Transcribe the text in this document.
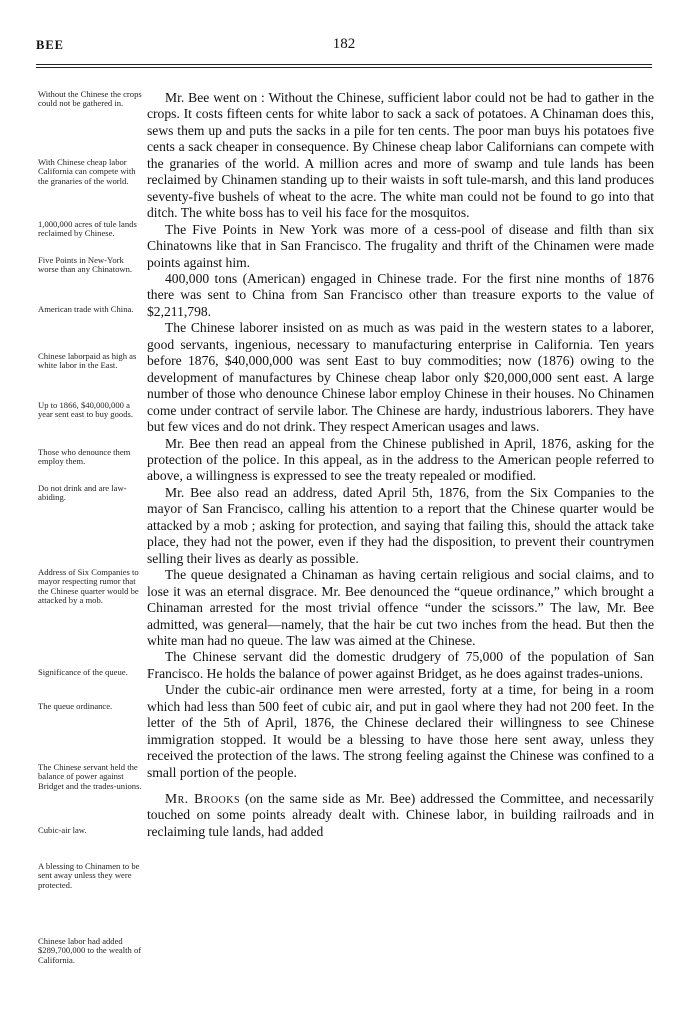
BEE	182
Without the Chinese the crops could not be gathered in.
With Chinese cheap labor California can compete with the granaries of the world.
1,000,000 acres of tule lands reclaimed by Chinese.
Five Points in New-York worse than any Chinatown.
American trade with China.
Chinese laborpaid as high as white labor in the East.
Up to 1866, $40,000,000 a year sent east to buy goods.
Those who denounce them employ them.
Do not drink and are law-abiding.
Address of Six Companies to mayor respecting rumor that the Chinese quarter would be attacked by a mob.
Significance of the queue.
The queue ordinance.
The Chinese servant held the balance of power against Bridget and the trades-unions.
Cubic-air law.
A blessing to Chinamen to be sent away unless they were protected.
Chinese labor had added $289,700,000 to the wealth of California.

Mr. Bee went on : Without the Chinese, sufficient labor could not be had to gather in the crops. It costs fifteen cents for white labor to sack a sack of potatoes. A Chinaman does this, sews them up and puts the sacks in a pile for ten cents. The poor man buys his potatoes five cents a sack cheaper in consequence. By Chinese cheap labor Californians can compete with the granaries of the world. A million acres and more of swamp and tule lands has been reclaimed by Chinamen standing up to their waists in soft tule-marsh, and this land produces seventy-five bushels of wheat to the acre. The white man could not be found to go into that ditch. The white boss has to veil his face for the mosquitos.

The Five Points in New York was more of a cess-pool of disease and filth than six Chinatowns like that in San Francisco. The frugality and thrift of the Chinamen were made points against him.

400,000 tons (American) engaged in Chinese trade. For the first nine months of 1876 there was sent to China from San Francisco other than treasure exports to the value of $2,211,798.

The Chinese laborer insisted on as much as was paid in the western states to a laborer, good servants, ingenious, necessary to manufacturing enterprise in California. Ten years before 1876, $40,000,000 was sent East to buy commodities; now (1876) owing to the development of manufactures by Chinese cheap labor only $20,000,000 sent east. A large number of those who denounce Chinese labor employ Chinese in their houses. No Chinamen come under contract of servile labor. The Chinese are hardy, industrious laborers. They have but few vices and do not drink. They respect American usages and laws.

Mr. Bee then read an appeal from the Chinese published in April, 1876, asking for the protection of the police. In this appeal, as in the address to the American people referred to above, a willingness is expressed to see the treaty repealed or modified.

Mr. Bee also read an address, dated April 5th, 1876, from the Six Companies to the mayor of San Francisco, calling his attention to a report that the Chinese quarter would be attacked by a mob ; asking for protection, and saying that failing this, should the attack take place, they had not the power, even if they had the disposition, to prevent their countrymen selling their lives as dearly as possible.

The queue designated a Chinaman as having certain religious and social claims, and to lose it was an eternal disgrace. Mr. Bee denounced the “queue ordinance,” which brought a Chinaman arrested for the most trivial offence “under the scissors.” The law, Mr. Bee admitted, was general—namely, that the hair be cut two inches from the head. But then the white man had no queue. The law was aimed at the Chinese.

The Chinese servant did the domestic drudgery of 75,000 of the population of San Francisco. He holds the balance of power against Bridget, as he does against trades-unions.

Under the cubic-air ordinance men were arrested, forty at a time, for being in a room which had less than 500 feet of cubic air, and put in gaol where they had not 200 feet. In the letter of the 5th of April, 1876, the Chinese declared their willingness to see Chinese immigration stopped. It would be a blessing to have those here sent away, unless they received the protection of the laws. The strong feeling against the Chinese was confined to a small portion of the people.

Mr. Brooks (on the same side as Mr. Bee) addressed the Committee, and necessarily touched on some points already dealt with. Chinese labor, in building railroads and in reclaiming tule lands, had added
